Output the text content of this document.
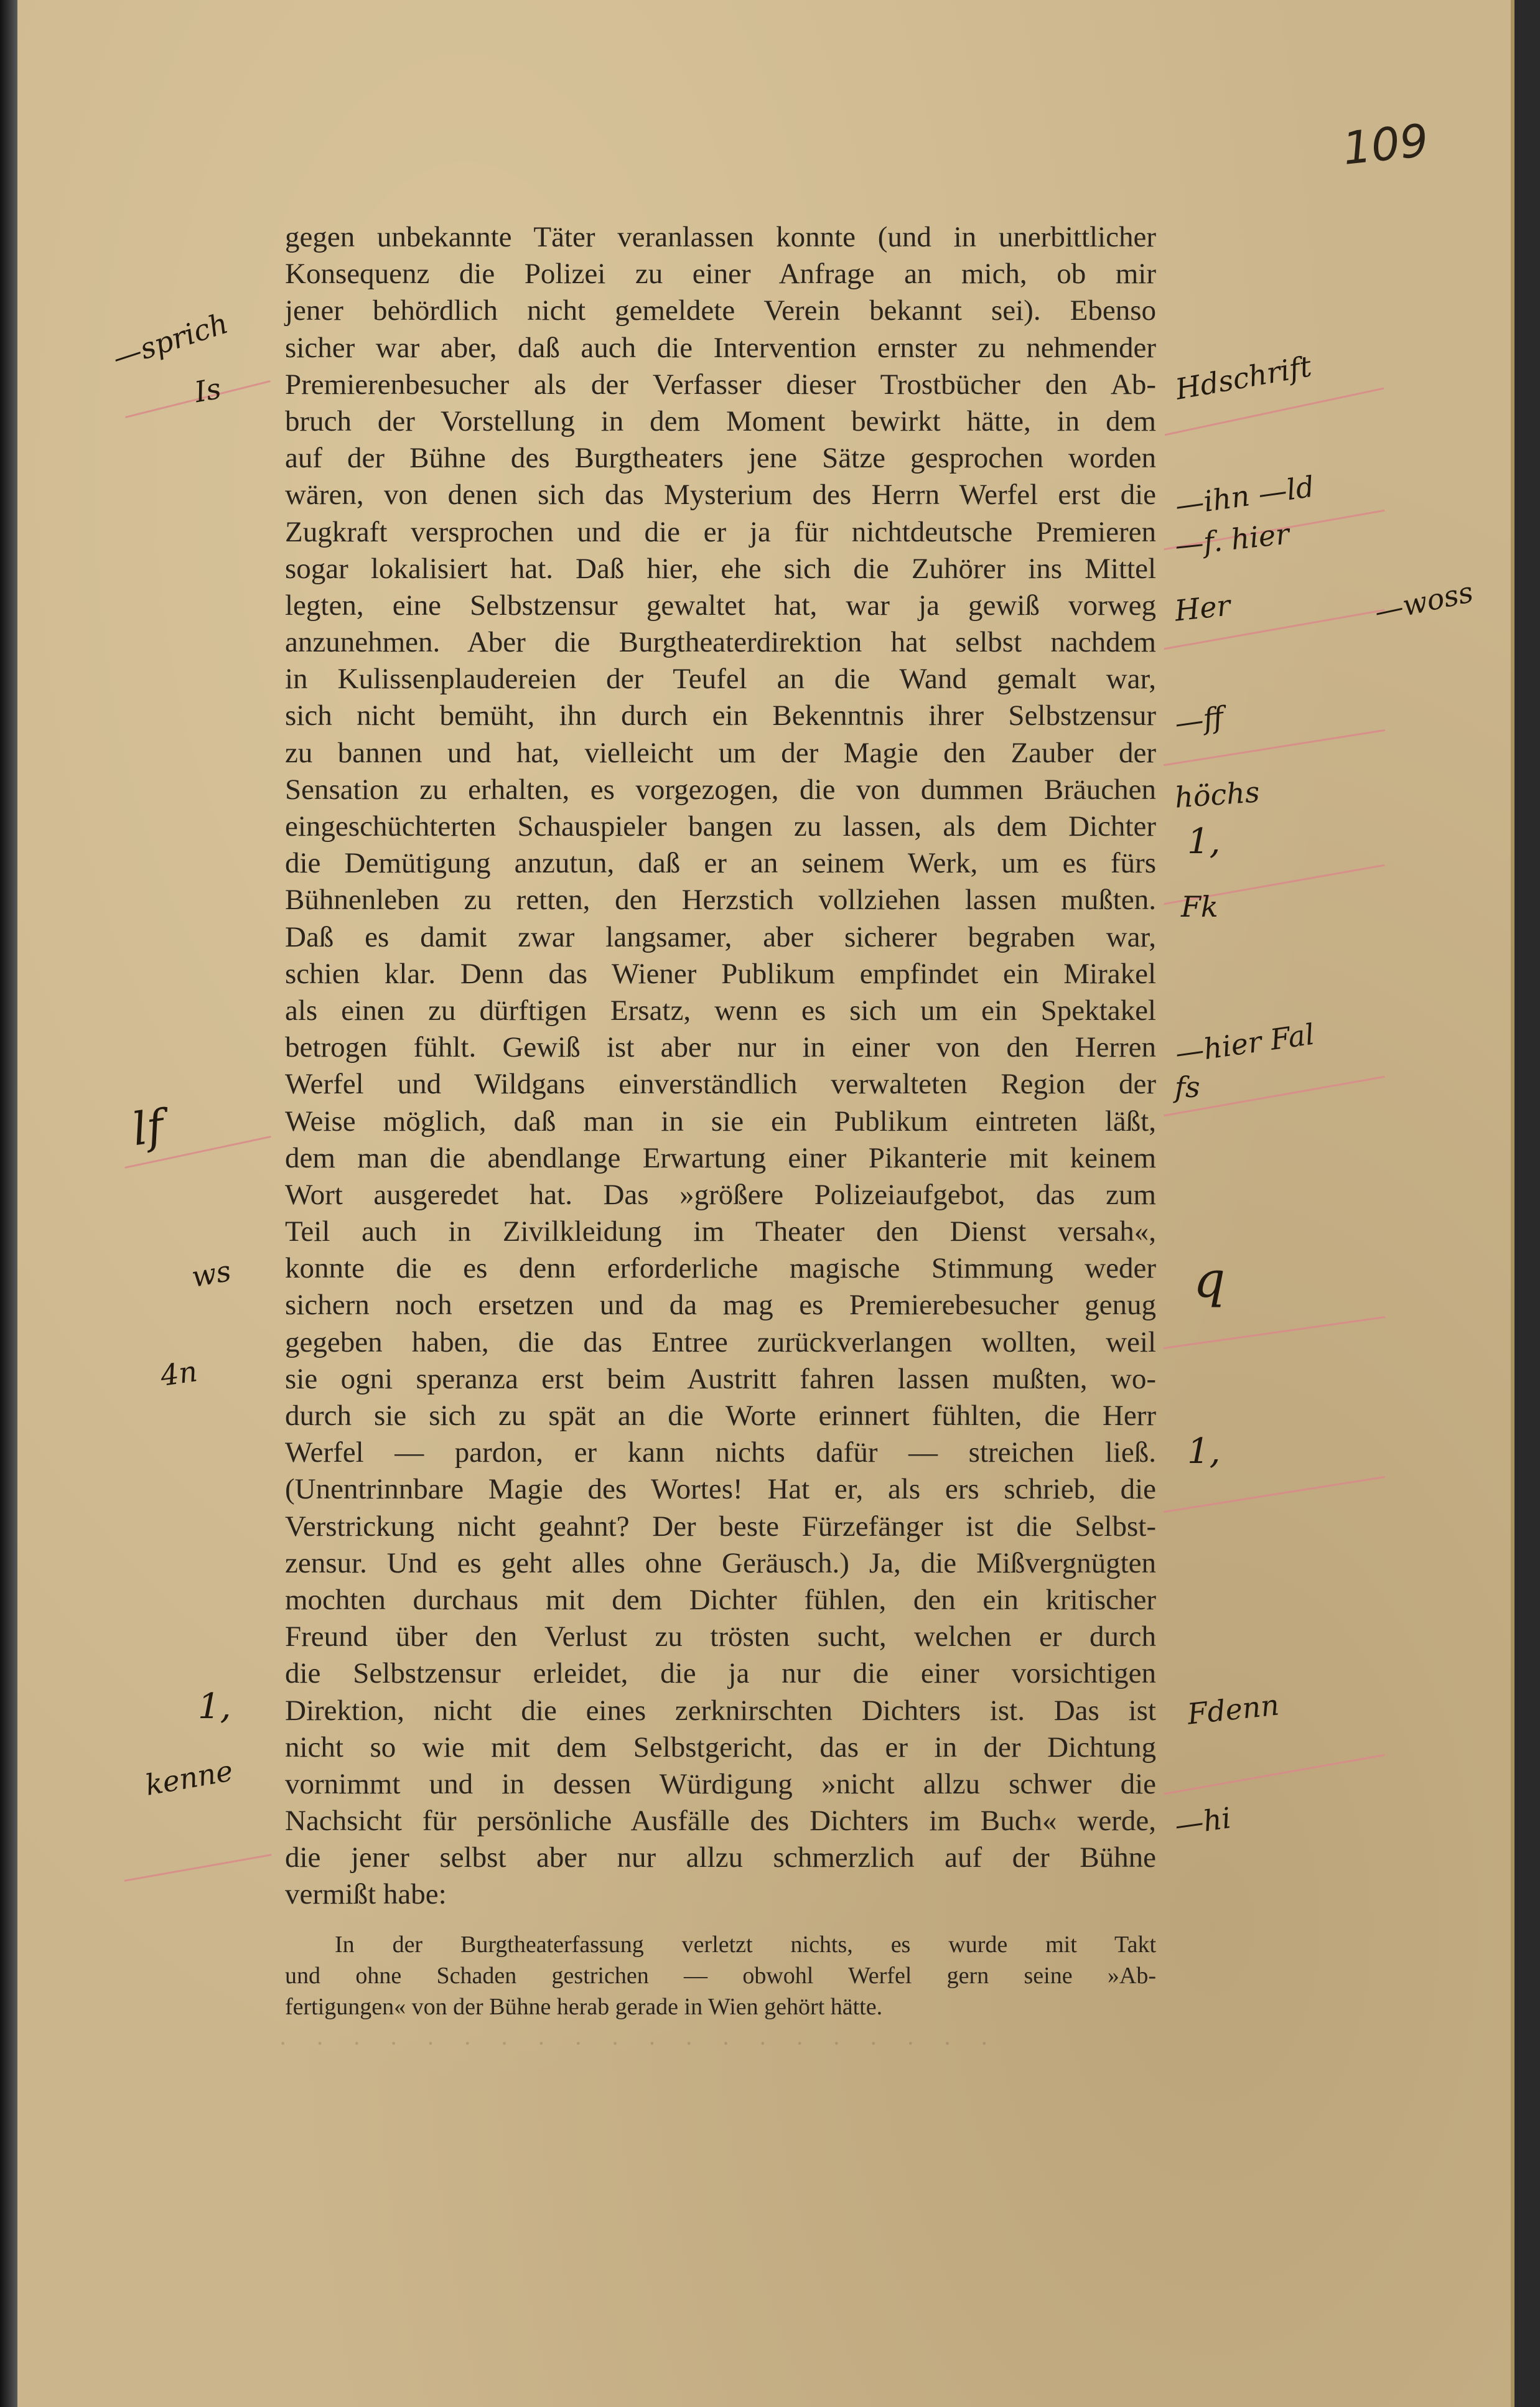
109
gegen unbekannte Täter veranlassen konnte (und in unerbittlicher
Konsequenz die Polizei zu einer Anfrage an mich, ob mir
jener behördlich nicht gemeldete Verein bekannt sei). Ebenso
sicher war aber, daß auch die Intervention ernster zu nehmender
Premierenbesucher als der Verfasser dieser Trostbücher den Ab-
bruch der Vorstellung in dem Moment bewirkt hätte, in dem
auf der Bühne des Burgtheaters jene Sätze gesprochen worden
wären, von denen sich das Mysterium des Herrn Werfel erst die
Zugkraft versprochen und die er ja für nichtdeutsche Premieren
sogar lokalisiert hat. Daß hier, ehe sich die Zuhörer ins Mittel
legten, eine Selbstzensur gewaltet hat, war ja gewiß vorweg
anzunehmen. Aber die Burgtheaterdirektion hat selbst nachdem
in Kulissenplaudereien der Teufel an die Wand gemalt war,
sich nicht bemüht, ihn durch ein Bekenntnis ihrer Selbstzensur
zu bannen und hat, vielleicht um der Magie den Zauber der
Sensation zu erhalten, es vorgezogen, die von dummen Bräuchen
eingeschüchterten Schauspieler bangen zu lassen, als dem Dichter
die Demütigung anzutun, daß er an seinem Werk, um es fürs
Bühnenleben zu retten, den Herzstich vollziehen lassen mußten.
Daß es damit zwar langsamer, aber sicherer begraben war,
schien klar. Denn das Wiener Publikum empfindet ein Mirakel
als einen zu dürftigen Ersatz, wenn es sich um ein Spektakel
betrogen fühlt. Gewiß ist aber nur in einer von den Herren
Werfel und Wildgans einverständlich verwalteten Region der
Weise möglich, daß man in sie ein Publikum eintreten läßt,
dem man die abendlange Erwartung einer Pikanterie mit keinem
Wort ausgeredet hat. Das »größere Polizeiaufgebot, das zum
Teil auch in Zivilkleidung im Theater den Dienst versah«,
konnte die es denn erforderliche magische Stimmung weder
sichern noch ersetzen und da mag es Premierebesucher genug
gegeben haben, die das Entree zurückverlangen wollten, weil
sie ogni speranza erst beim Austritt fahren lassen mußten, wo-
durch sie sich zu spät an die Worte erinnert fühlten, die Herr
Werfel — pardon, er kann nichts dafür — streichen ließ.
(Unentrinnbare Magie des Wortes! Hat er, als ers schrieb, die
Verstrickung nicht geahnt? Der beste Fürzefänger ist die Selbst-
zensur. Und es geht alles ohne Geräusch.) Ja, die Mißvergnügten
mochten durchaus mit dem Dichter fühlen, den ein kritischer
Freund über den Verlust zu trösten sucht, welchen er durch
die Selbstzensur erleidet, die ja nur die einer vorsichtigen
Direktion, nicht die eines zerknirschten Dichters ist. Das ist
nicht so wie mit dem Selbstgericht, das er in der Dichtung
vornimmt und in dessen Würdigung »nicht allzu schwer die
Nachsicht für persönliche Ausfälle des Dichters im Buch« werde,
die jener selbst aber nur allzu schmerzlich auf der Bühne
vermißt habe:
In der Burgtheaterfassung verletzt nichts, es wurde mit Takt
und ohne Schaden gestrichen — obwohl Werfel gern seine »Ab-
fertigungen« von der Bühne herab gerade in Wien gehört hätte.
· · · · · · · · · · · · · · · · · · · ·
—sprich
Is
lf
ws
4n
1,
kenne
Hdschrift
—ihn —ld
—f. hier
Her	—woss
—ff
höchs
1,
Fk
—hier Fal
fs
q
1,
Fdenn
—hi
